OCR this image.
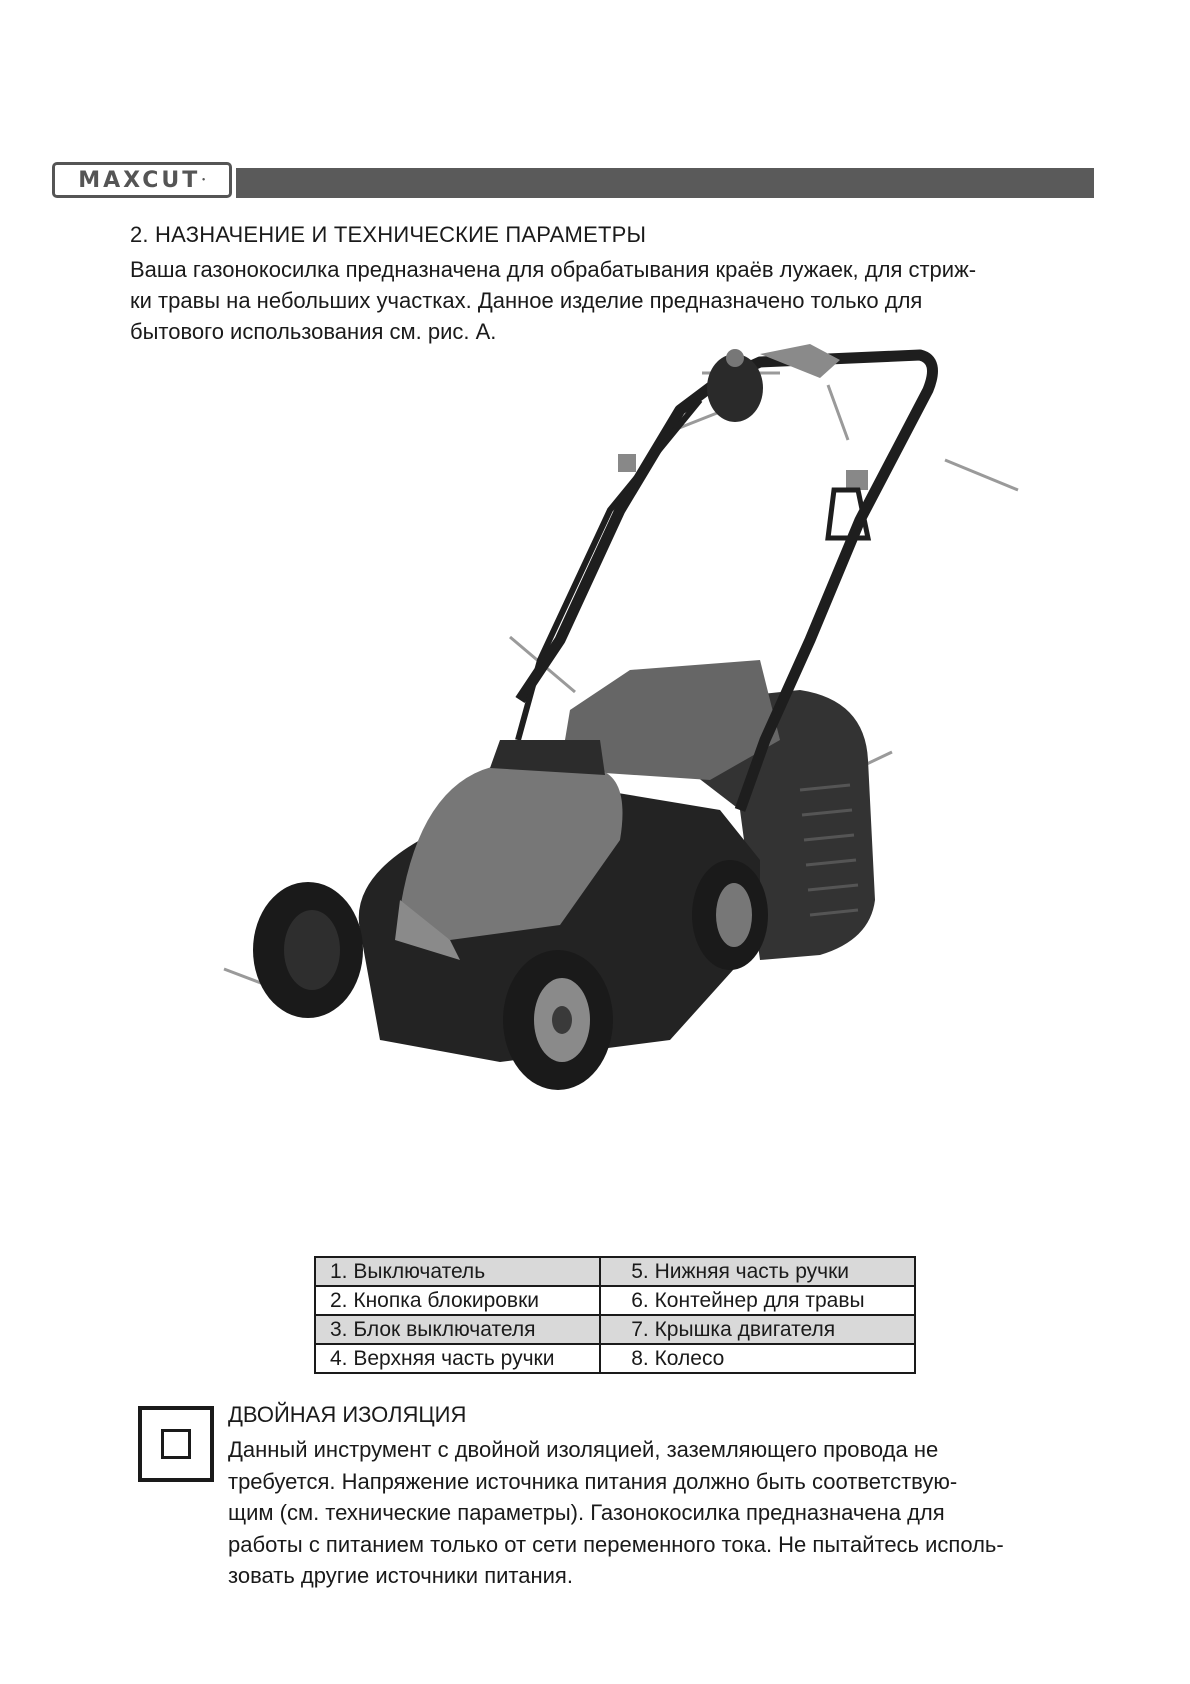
MAXCUT •
2. НАЗНАЧЕНИЕ И ТЕХНИЧЕСКИЕ ПАРАМЕТРЫ
Ваша газонокосилка предназначена для обрабатывания краёв лужаек, для стриж-
ки травы на небольших участках. Данное изделие предназначено только для
бытового использования см. рис. А.
1. Выключатель	5. Нижняя часть ручки
2. Кнопка блокировки	6. Контейнер для травы
3. Блок выключателя	7. Крышка двигателя
4. Верхняя часть ручки	8. Колесо
ДВОЙНАЯ ИЗОЛЯЦИЯ
Данный инструмент с двойной изоляцией, заземляющего провода не
требуется. Напряжение источника питания должно быть соответствую-
щим (см. технические параметры). Газонокосилка предназначена для
работы с питанием только от сети переменного тока. Не пытайтесь исполь-
зовать другие источники питания.
